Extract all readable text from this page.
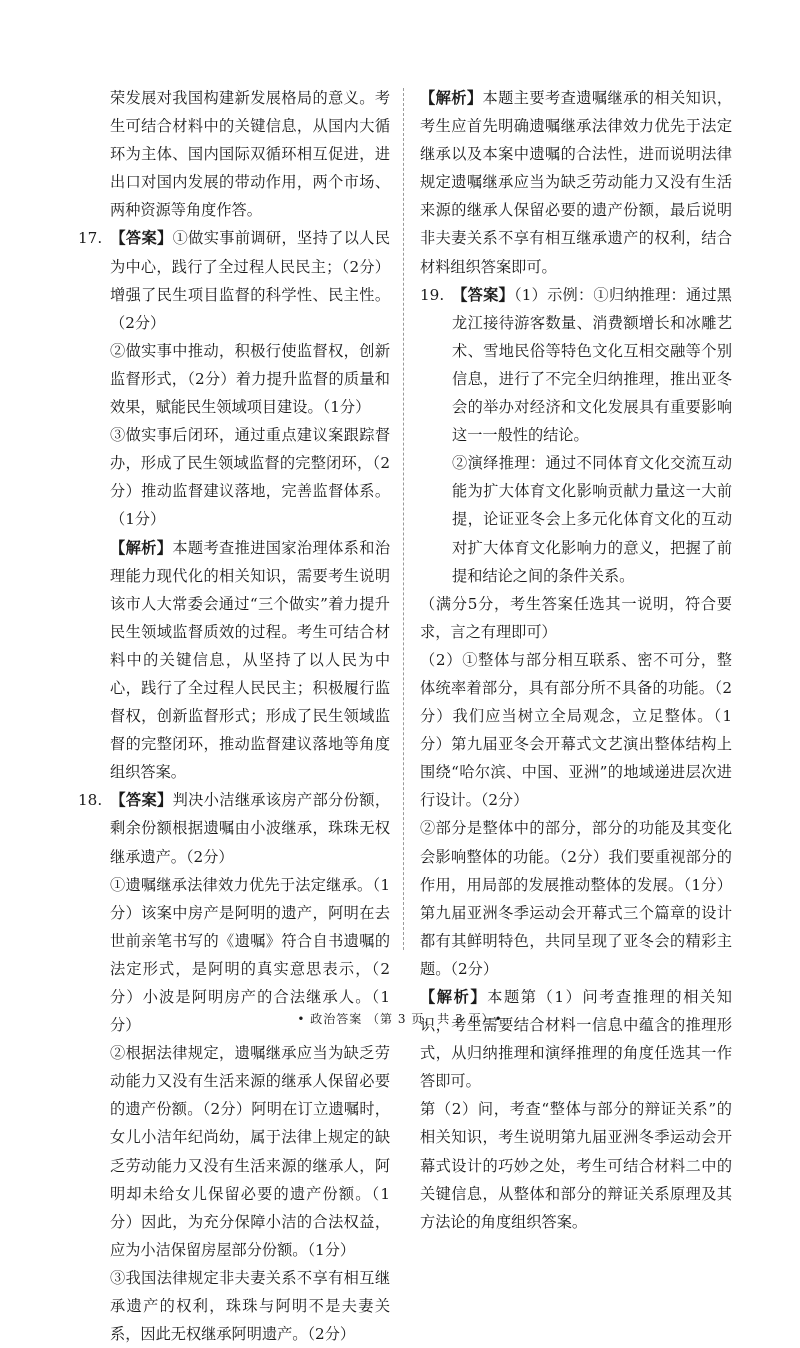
荣发展对我国构建新发展格局的意义。考生可结合材料中的关键信息，从国内大循环为主体、国内国际双循环相互促进，进出口对国内发展的带动作用，两个市场、两种资源等角度作答。

17. 【答案】①做实事前调研，坚持了以人民为中心，践行了全过程人民民主；（2分）增强了民生项目监督的科学性、民主性。（2分）

②做实事中推动，积极行使监督权，创新监督形式，（2分）着力提升监督的质量和效果，赋能民生领域项目建设。（1分）

③做实事后闭环，通过重点建议案跟踪督办，形成了民生领域监督的完整闭环，（2分）推动监督建议落地，完善监督体系。（1分）

【解析】本题考查推进国家治理体系和治理能力现代化的相关知识，需要考生说明该市人大常委会通过“三个做实”着力提升民生领域监督质效的过程。考生可结合材料中的关键信息，从坚持了以人民为中心，践行了全过程人民民主；积极履行监督权，创新监督形式；形成了民生领域监督的完整闭环，推动监督建议落地等角度组织答案。

18. 【答案】判决小洁继承该房产部分份额，剩余份额根据遗嘱由小波继承，珠珠无权继承遗产。（2分）

①遗嘱继承法律效力优先于法定继承。（1分）该案中房产是阿明的遗产，阿明在去世前亲笔书写的《遗嘱》符合自书遗嘱的法定形式，是阿明的真实意思表示，（2分）小波是阿明房产的合法继承人。（1分）

②根据法律规定，遗嘱继承应当为缺乏劳动能力又没有生活来源的继承人保留必要的遗产份额。（2分）阿明在订立遗嘱时，女儿小洁年纪尚幼，属于法律上规定的缺乏劳动能力又没有生活来源的继承人，阿明却未给女儿保留必要的遗产份额。（1分）因此，为充分保障小洁的合法权益，应为小洁保留房屋部分份额。（1分）

③我国法律规定非夫妻关系不享有相互继承遗产的权利，珠珠与阿明不是夫妻关系，因此无权继承阿明遗产。（2分）

【解析】本题主要考查遗嘱继承的相关知识，考生应首先明确遗嘱继承法律效力优先于法定继承以及本案中遗嘱的合法性，进而说明法律规定遗嘱继承应当为缺乏劳动能力又没有生活来源的继承人保留必要的遗产份额，最后说明非夫妻关系不享有相互继承遗产的权利，结合材料组织答案即可。

19. 【答案】（1）示例：①归纳推理：通过黑龙江接待游客数量、消费额增长和冰雕艺术、雪地民俗等特色文化互相交融等个别信息，进行了不完全归纳推理，推出亚冬会的举办对经济和文化发展具有重要影响这一一般性的结论。

②演绎推理：通过不同体育文化交流互动能为扩大体育文化影响贡献力量这一大前提，论证亚冬会上多元化体育文化的互动对扩大体育文化影响力的意义，把握了前提和结论之间的条件关系。

（满分5分，考生答案任选其一说明，符合要求，言之有理即可）

（2）①整体与部分相互联系、密不可分，整体统率着部分，具有部分所不具备的功能。（2分）我们应当树立全局观念，立足整体。（1分）第九届亚冬会开幕式文艺演出整体结构上围绕“哈尔滨、中国、亚洲”的地域递进层次进行设计。（2分）

②部分是整体中的部分，部分的功能及其变化会影响整体的功能。（2分）我们要重视部分的作用，用局部的发展推动整体的发展。（1分）第九届亚洲冬季运动会开幕式三个篇章的设计都有其鲜明特色，共同呈现了亚冬会的精彩主题。（2分）

【解析】本题第（1）问考查推理的相关知识，考生需要结合材料一信息中蕴含的推理形式，从归纳推理和演绎推理的角度任选其一作答即可。

第（2）问，考查“整体与部分的辩证关系”的相关知识，考生说明第九届亚洲冬季运动会开幕式设计的巧妙之处，考生可结合材料二中的关键信息，从整体和部分的辩证关系原理及其方法论的角度组织答案。

• 政治答案 （第 3 页，共 3 页）•
